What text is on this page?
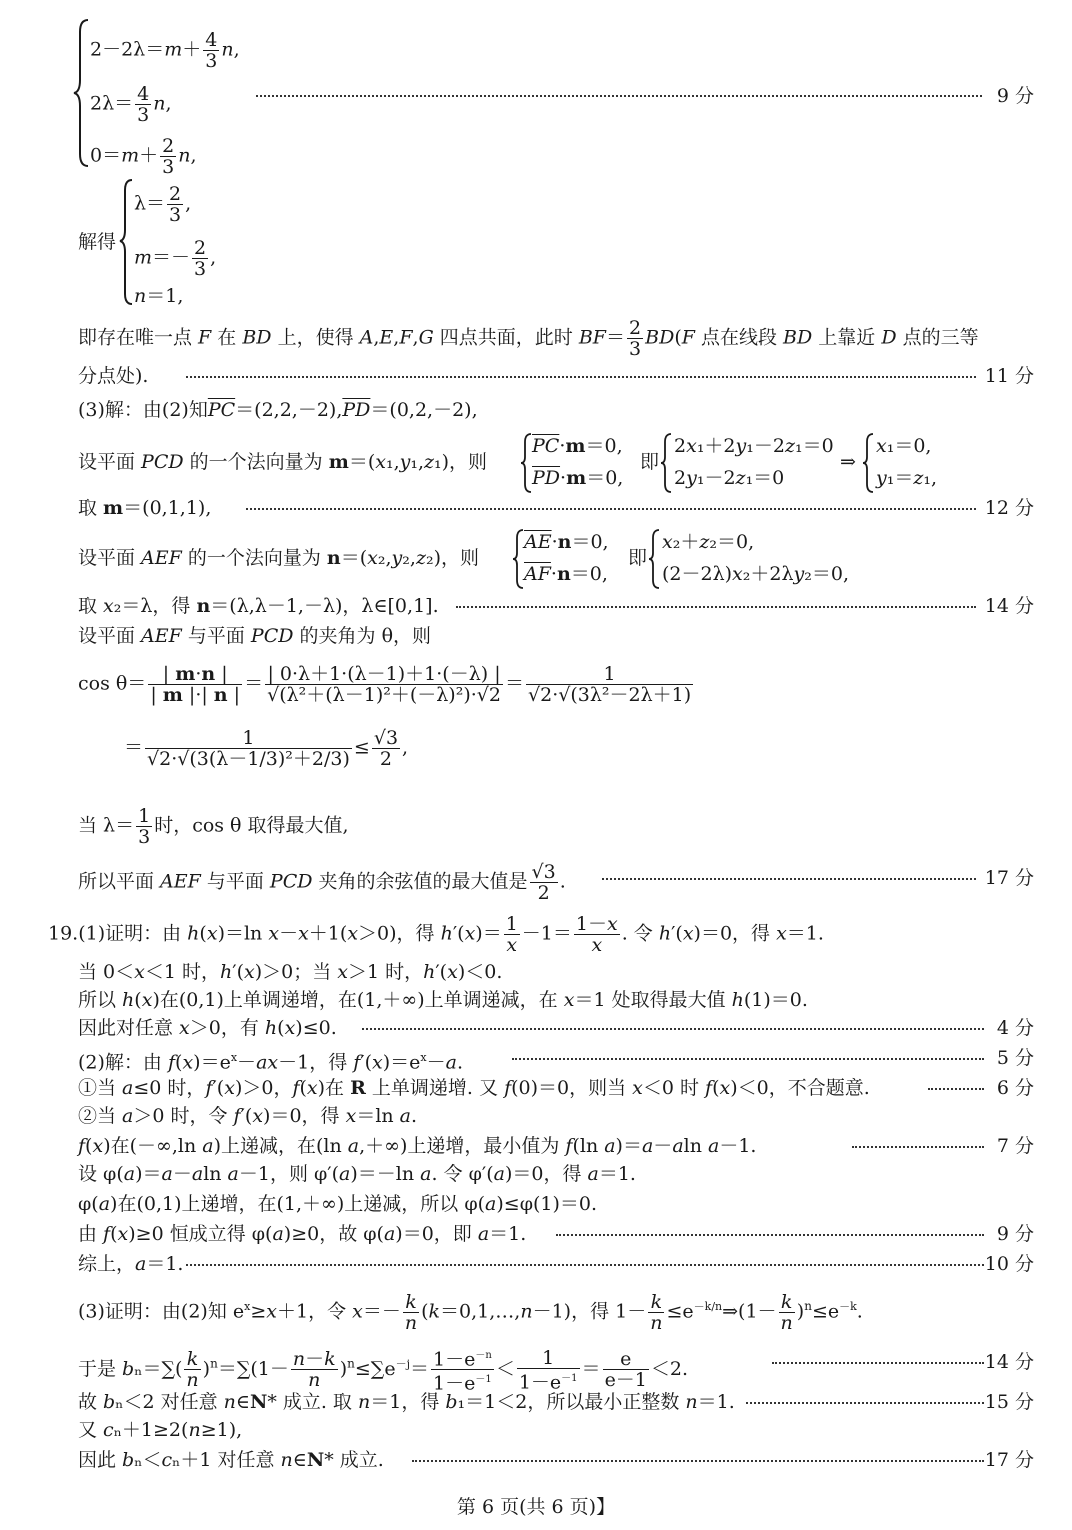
$2-2\lambda=m+ \frac{4}{3} n$,
$2\lambda= \frac{4}{3} n$,
$0=m+ \frac{2}{3} n$,
9 分
解得
$\lambda= \frac{2}{3}$ ,
$m=- \frac{2}{3}$ ,
n＝1,
即存在唯一点 F 在 BD 上，使得 A,E,F,G 四点共面，此时 $BF= \frac{2}{3} BD(F$ 点在线段 BD 上靠近 D 点的三等
分点处).	11 分
(3)解：由(2)知$\overline{PC}=(2,2,-2),\overline{PD}=(0,2,-2)$,
设平面 PCD 的一个法向量为 m＝(x₁,y₁,z₁)，则
$\overline{PC}\cdot m=0$,
$\overline{PD}\cdot m=0$,
即
2x₁＋2y₁－2z₁＝0
2y₁－2z₁＝0
⇒
x₁＝0,
y₁＝z₁,
取 m＝(0,1,1),	12 分
设平面 AEF 的一个法向量为 n＝(x₂,y₂,z₂)，则
$\overline{AE}\cdot n=0$,
$\overline{AF}\cdot n=0$,
即
x₂＋z₂＝0,
(2－2λ)x₂＋2λy₂＝0,
取 x₂＝λ，得 n＝(λ,λ－1,－λ)，λ∈[0,1].	14 分
设平面 AEF 与平面 PCD 的夹角为 θ，则
$\cos \theta= \frac{| m\cdot n |}{| m |\cdot| n |} = \frac{| 0\cdot\lambda+1\cdot(\lambda-1)+1\cdot(-\lambda) |}{\text{√(λ²＋(λ－1)²＋(－λ)²)·√2}} = \frac{1}{\text{√2·√(3λ²－2λ＋1)}}$
＝ $\frac{1}{\text{√2·√(3(λ－1/3)²＋2/3)}} \le \frac{√3}{2}$ ,
当 $\lambda= \frac{1}{3}$ 时，cos θ 取得最大值,
所以平面 AEF 与平面 PCD 夹角的余弦值的最大值是 $\frac{√3}{2}$ .	17 分
19.(1)证明：由 h(x)＝ln x－x＋1(x＞0)，得 $h'(x)= \frac{1}{x} -1= \frac{1-x}{x}$ . 令 h′(x)＝0，得 x＝1.
当 0＜x＜1 时，h′(x)＞0；当 x＞1 时，h′(x)＜0.
所以 h(x)在(0,1)上单调递增，在(1,＋∞)上单调递减，在 x＝1 处取得最大值 h(1)＝0.
因此对任意 x＞0，有 h(x)≤0.	4 分
(2)解：由 $f(x)=e^x-ax-1$，得 $f'(x)=e^x-a$.	5 分
①当 a≤0 时，f′(x)＞0，f(x)在 R 上单调递增. 又 f(0)＝0，则当 x＜0 时 f(x)＜0，不合题意.	6 分
②当 a＞0 时，令 f′(x)＝0，得 x＝ln a.
f(x)在(－∞,ln a)上递减，在(ln a,＋∞)上递增，最小值为 f(ln a)＝a－aln a－1.	7 分
设 φ(a)＝a－aln a－1，则 φ′(a)＝－ln a. 令 φ′(a)＝0，得 a＝1.
φ(a)在(0,1)上递增，在(1,＋∞)上递减，所以 φ(a)≤φ(1)＝0.
由 f(x)≥0 恒成立得 φ(a)≥0，故 φ(a)＝0，即 a＝1.	9 分
综上，a＝1.	10 分
(3)证明：由(2)知 $e^x\ge x+1$，令 $x=- \frac{k}{n}$ (k＝0,1,…,n－1)，得 $1- \frac{k}{n}$ $\le e^{-k/n}\Rightarrow(1- \frac{k}{n} )^n\le e^{-k}$.
于是 $b_n=\sum( \frac{k}{n} )^n=\sum(1- \frac{n-k}{n} )^n\le\sum e^{-j}= \frac{1-e^{-n}}{1-e^{-1}} < \frac{1}{1-e^{-1}} = \frac{e}{e-1} <2$.	14 分
故 bₙ＜2 对任意 n∈N* 成立. 取 n＝1，得 b₁＝1＜2，所以最小正整数 n＝1.	15 分
又 cₙ＋1≥2(n≥1),
因此 bₙ＜cₙ＋1 对任意 n∈N* 成立.	17 分
第 6 页(共 6 页)】
